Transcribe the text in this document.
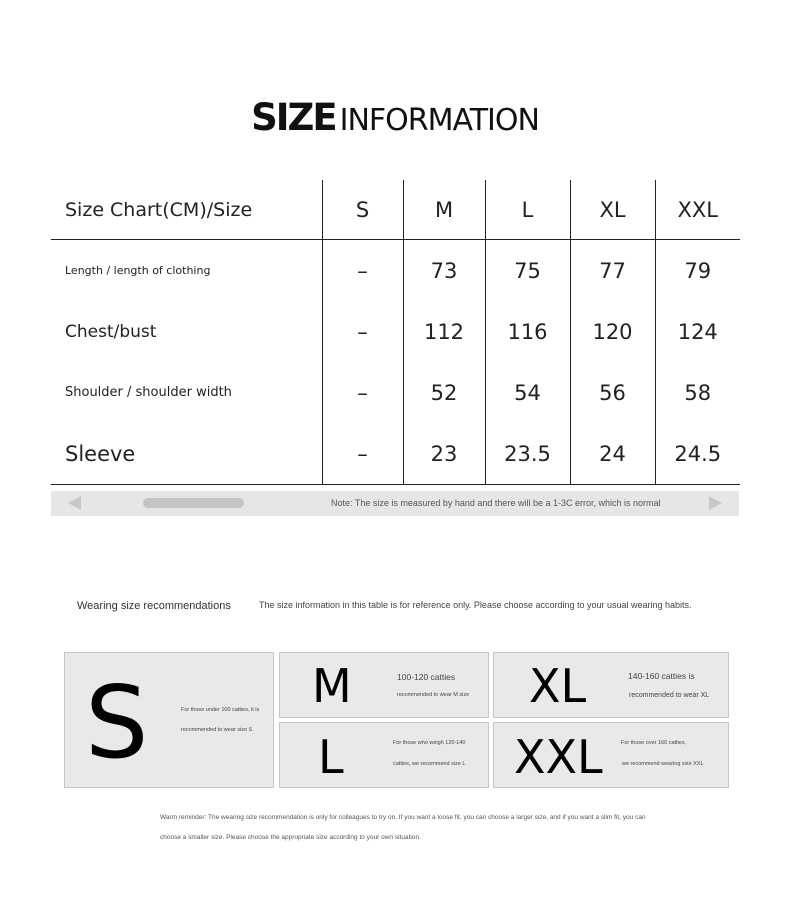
SIZE INFORMATION
Size Chart(CM)/Size	S	M	L	XL	XXL
Length / length of clothing	–	73	75	77	79
Chest/bust	–	112	116	120	124
Shoulder / shoulder width	–	52	54	56	58
Sleeve	–	23	23.5	24	24.5
Note: The size is measured by hand and there will be a 1-3C error, which is normal
Wearing size recommendations	The size information in this table is for reference only. Please choose according to your usual wearing habits.
S	For those under 100 catties, it is
recommended to wear size S
M	100-120 catties
recommended to wear M size XL	140-160 catties is
recommended to wear XL
L	For those who weigh 120-140
catties, we recommend size L XXL	For those over 160 catties,
we recommend wearing size XXL
Warm reminder: The wearing size recommendation is only for colleagues to try on. If you want a loose fit, you can choose a larger size, and if you want a slim fit, you can
choose a smaller size. Please choose the appropriate size according to your own situation.
